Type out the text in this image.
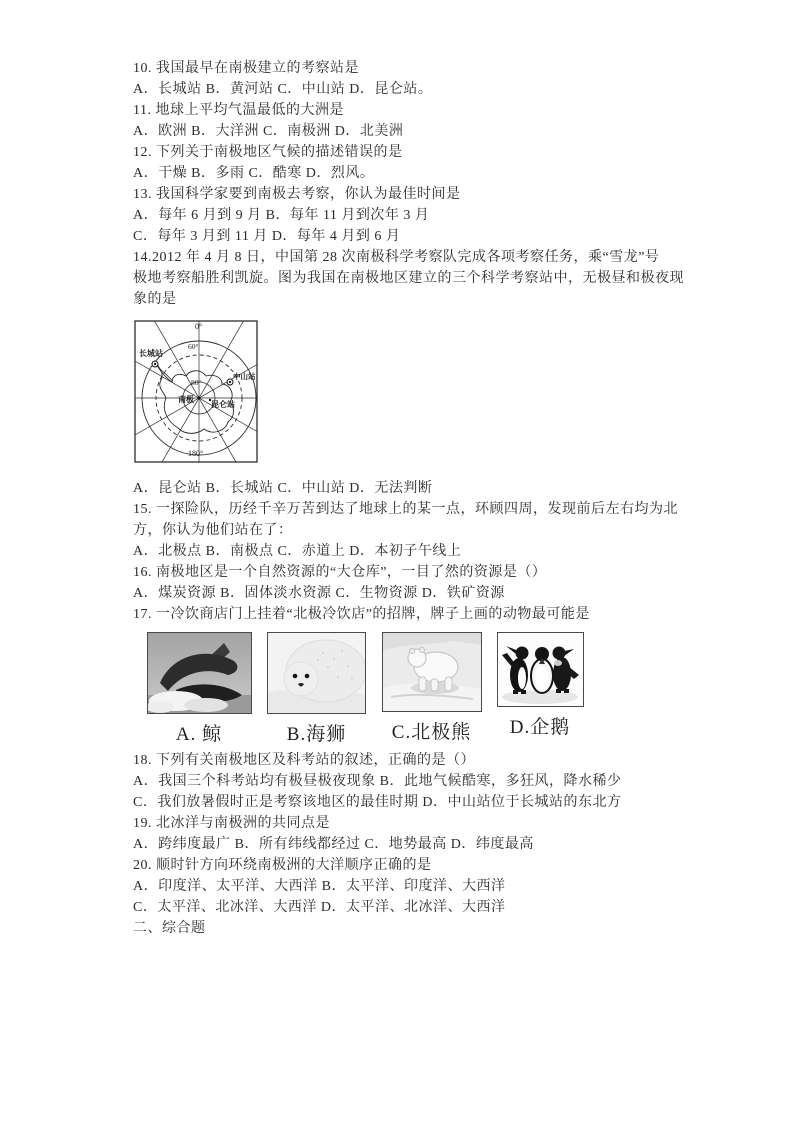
10. 我国最早在南极建立的考察站是
A．长城站 B．黄河站 C．中山站 D．昆仑站。
11. 地球上平均气温最低的大洲是
A．欧洲 B．大洋洲 C．南极洲 D．北美洲
12. 下列关于南极地区气候的描述错误的是
A．干燥 B．多雨 C．酷寒 D．烈风。
13. 我国科学家要到南极去考察，你认为最佳时间是
A．每年 6 月到 9 月 B．每年 11 月到次年 3 月
C．每年 3 月到 11 月 D．每年 4 月到 6 月
14.2012 年 4 月 8 日，中国第 28 次南极科学考察队完成各项考察任务，乘“雪龙”号
极地考察船胜利凯旋。图为我国在南极地区建立的三个科学考察站中，无极昼和极夜现
象的是
0°
60°
80°
180°
长城站
中山站
昆仑站
南极
A．昆仑站 B．长城站 C．中山站 D．无法判断
15. 一探险队，历经千辛万苦到达了地球上的某一点，环顾四周，发现前后左右均为北
方，你认为他们站在了：
A．北极点 B．南极点 C．赤道上 D．本初子午线上
16. 南极地区是一个自然资源的“大仓库”，一目了然的资源是（）
A．煤炭资源 B．固体淡水资源 C．生物资源 D．铁矿资源
17. 一冷饮商店门上挂着“北极冷饮店”的招牌，牌子上画的动物最可能是
A. 鲸	B.海狮	C.北极熊	D.企鹅
18. 下列有关南极地区及科考站的叙述，正确的是（）
A．我国三个科考站均有极昼极夜现象 B．此地气候酷寒，多狂风，降水稀少
C．我们放暑假时正是考察该地区的最佳时期 D．中山站位于长城站的东北方
19. 北冰洋与南极洲的共同点是
A．跨纬度最广 B．所有纬线都经过 C．地势最高 D．纬度最高
20. 顺时针方向环绕南极洲的大洋顺序正确的是
A．印度洋、太平洋、大西洋 B．太平洋、印度洋、大西洋
C．太平洋、北冰洋、大西洋 D．太平洋、北冰洋、大西洋
二、综合题
